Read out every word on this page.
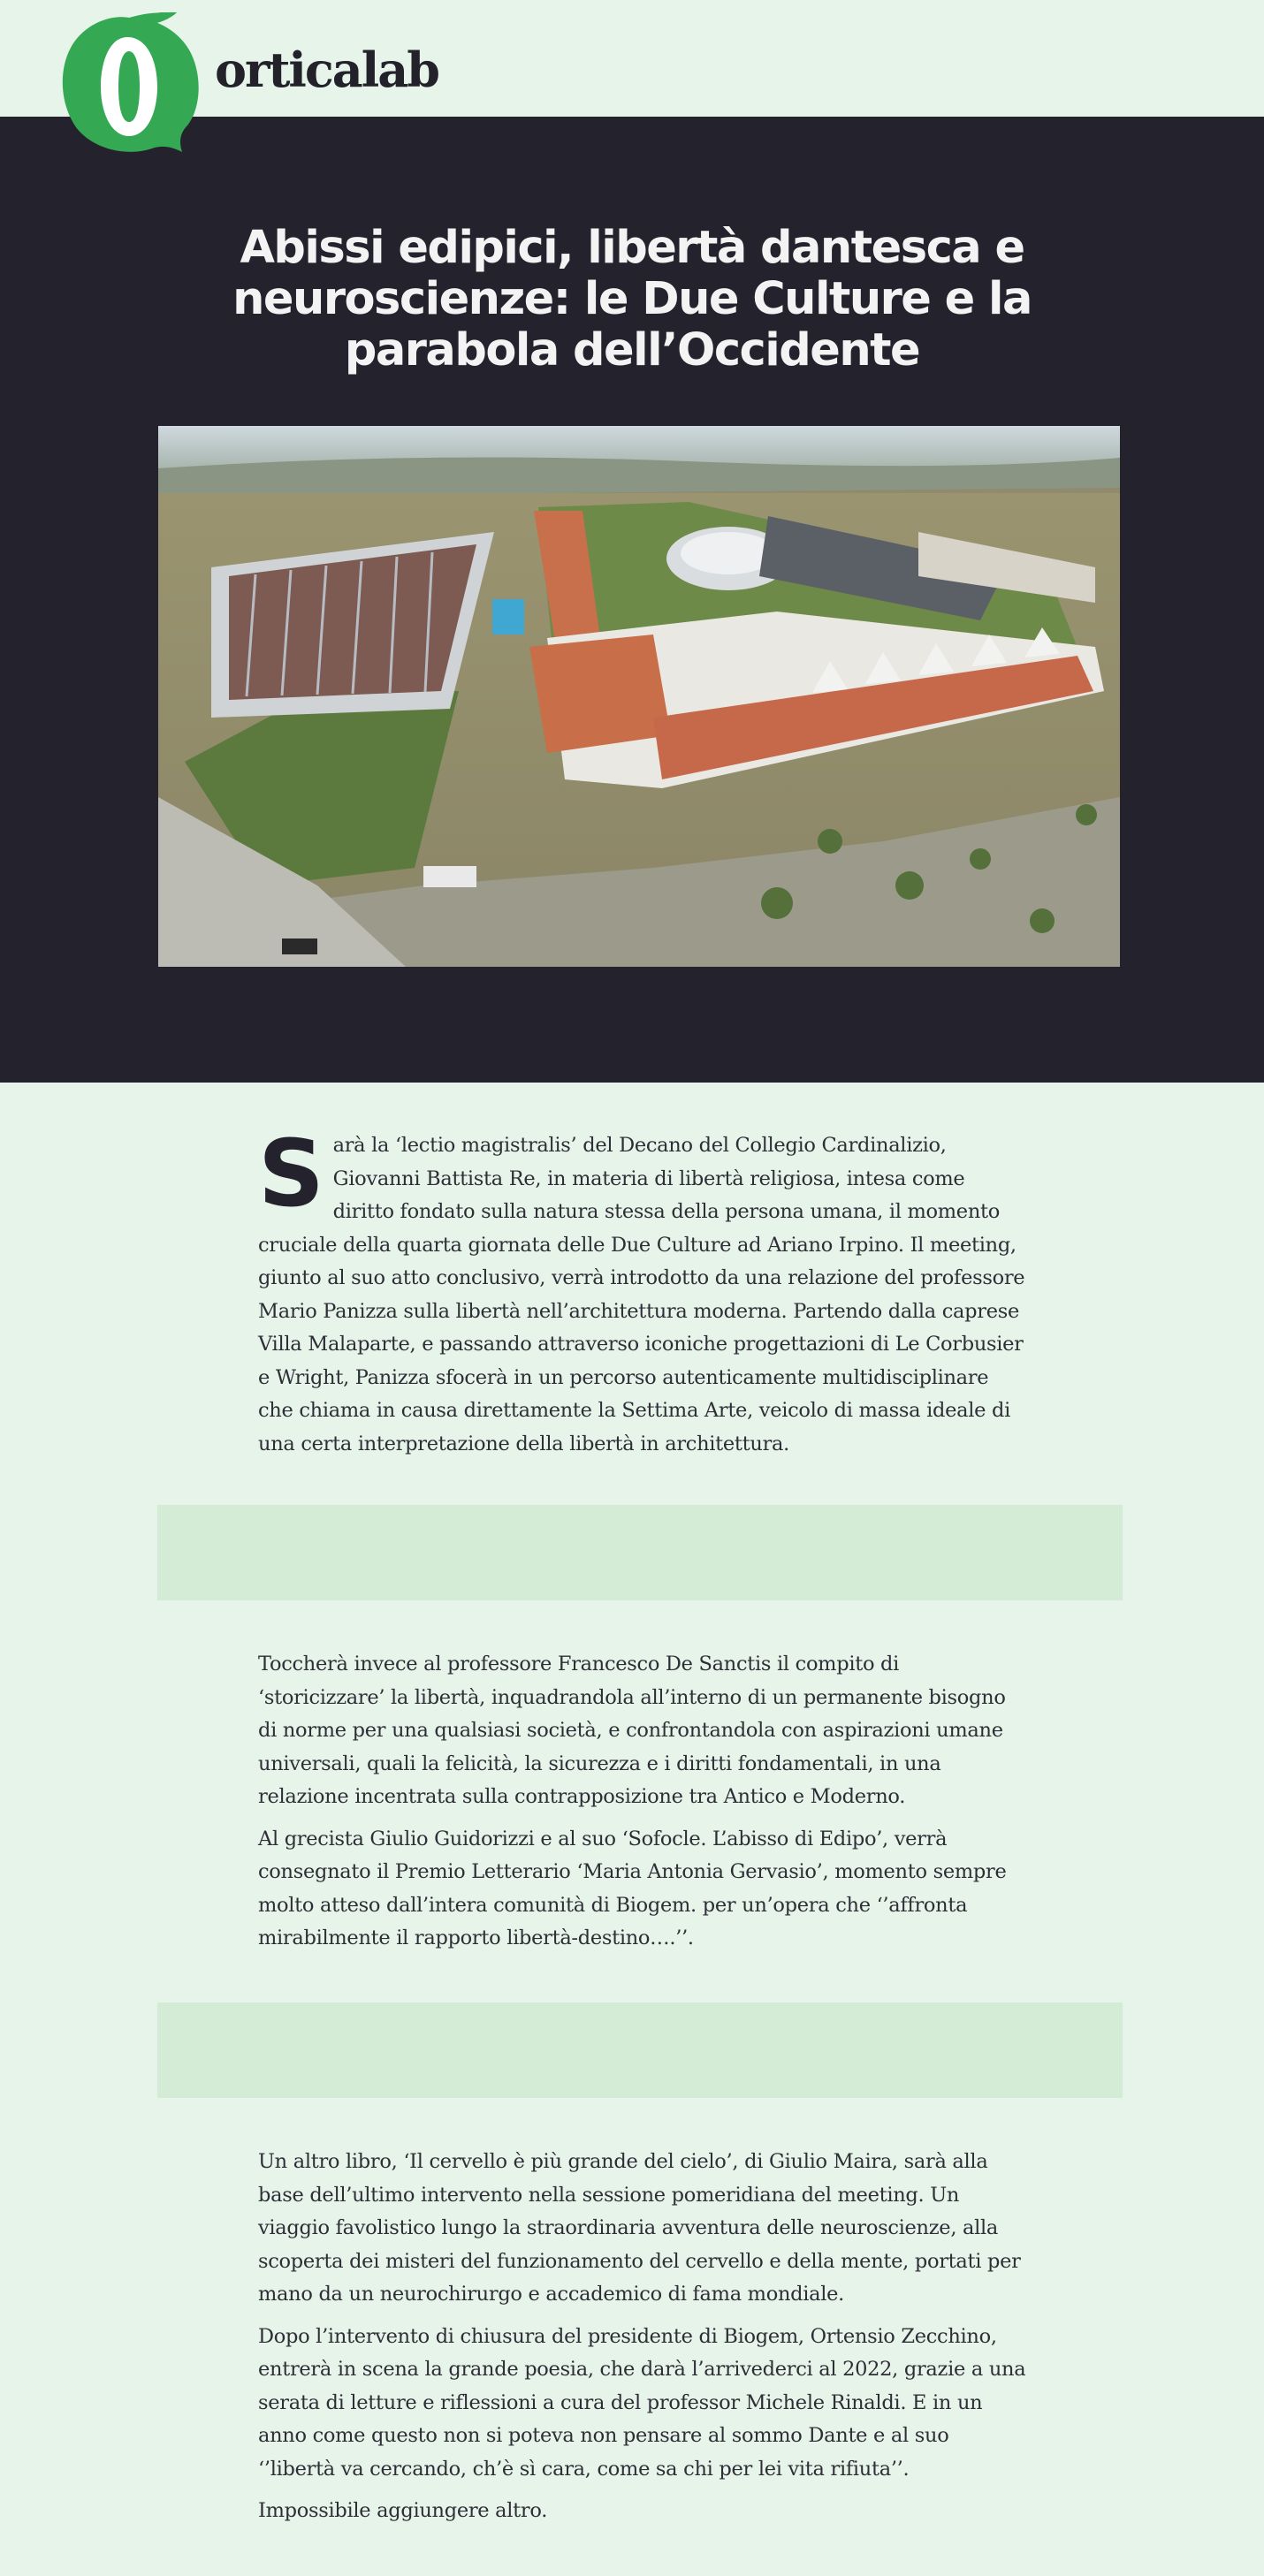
orticalab
Abissi edipici, libertà dantesca e neuroscienze: le Due Culture e la parabola dell’Occidente

Sarà la ‘lectio magistralis’ del Decano del Collegio Cardinalizio, Giovanni Battista Re, in materia di libertà religiosa, intesa come diritto fondato sulla natura stessa della persona umana, il momento cruciale della quarta giornata delle Due Culture ad Ariano Irpino. Il meeting, giunto al suo atto conclusivo, verrà introdotto da una relazione del professore Mario Panizza sulla libertà nell’architettura moderna. Partendo dalla caprese Villa Malaparte, e passando attraverso iconiche progettazioni di Le Corbusier e Wright, Panizza sfocerà in un percorso autenticamente multidisciplinare che chiama in causa direttamente la Settima Arte, veicolo di massa ideale di una certa interpretazione della libertà in architettura.

Toccherà invece al professore Francesco De Sanctis il compito di ‘storicizzare’ la libertà, inquadrandola all’interno di un permanente bisogno di norme per una qualsiasi società, e confrontandola con aspirazioni umane universali, quali la felicità, la sicurezza e i diritti fondamentali, in una relazione incentrata sulla contrapposizione tra Antico e Moderno.

Al grecista Giulio Guidorizzi e al suo ‘Sofocle. L’abisso di Edipo’, verrà consegnato il Premio Letterario ‘Maria Antonia Gervasio’, momento sempre molto atteso dall’intera comunità di Biogem. per un’opera che ‘’affronta mirabilmente il rapporto libertà-destino….’’.

Un altro libro, ‘Il cervello è più grande del cielo’, di Giulio Maira, sarà alla base dell’ultimo intervento nella sessione pomeridiana del meeting. Un viaggio favolistico lungo la straordinaria avventura delle neuroscienze, alla scoperta dei misteri del funzionamento del cervello e della mente, portati per mano da un neurochirurgo e accademico di fama mondiale.

Dopo l’intervento di chiusura del presidente di Biogem, Ortensio Zecchino, entrerà in scena la grande poesia, che darà l’arrivederci al 2022, grazie a una serata di letture e riflessioni a cura del professor Michele Rinaldi. E in un anno come questo non si poteva non pensare al sommo Dante e al suo ‘’libertà va cercando, ch’è sì cara, come sa chi per lei vita rifiuta’’.

Impossibile aggiungere altro.
